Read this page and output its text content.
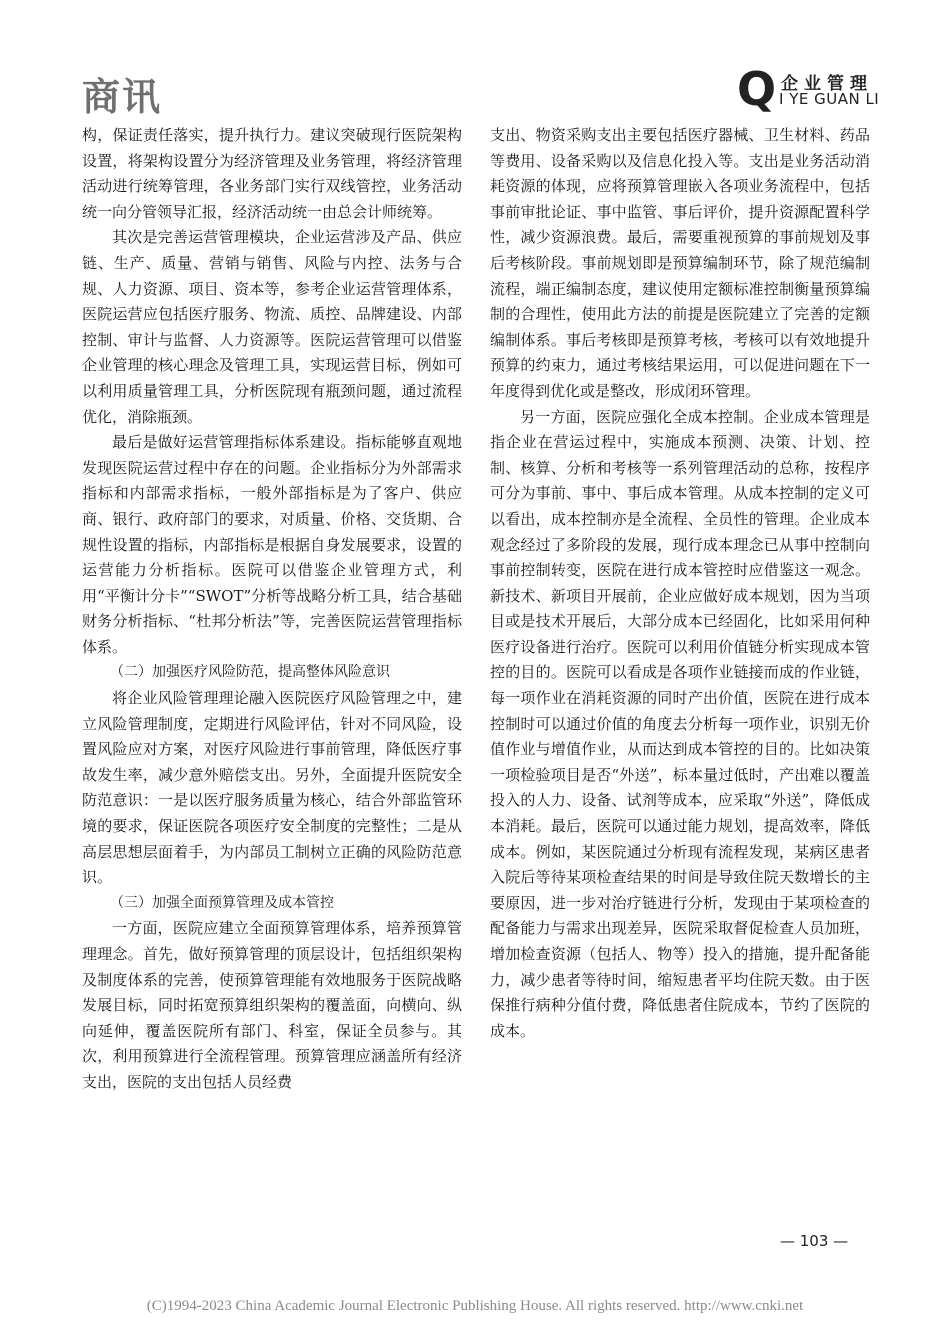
商讯	Q 企业管理
I YE GUAN LI

构，保证责任落实，提升执行力。建议突破现行医院架构设置，将架构设置分为经济管理及业务管理，将经济管理活动进行统筹管理，各业务部门实行双线管控，业务活动统一向分管领导汇报，经济活动统一由总会计师统筹。

其次是完善运营管理模块，企业运营涉及产品、供应链、生产、质量、营销与销售、风险与内控、法务与合规、人力资源、项目、资本等，参考企业运营管理体系，医院运营应包括医疗服务、物流、质控、品牌建设、内部控制、审计与监督、人力资源等。医院运营管理可以借鉴企业管理的核心理念及管理工具，实现运营目标，例如可以利用质量管理工具，分析医院现有瓶颈问题，通过流程优化，消除瓶颈。

最后是做好运营管理指标体系建设。指标能够直观地发现医院运营过程中存在的问题。企业指标分为外部需求指标和内部需求指标，一般外部指标是为了客户、供应商、银行、政府部门的要求，对质量、价格、交货期、合规性设置的指标，内部指标是根据自身发展要求，设置的运营能力分析指标。医院可以借鉴企业管理方式，利用“平衡计分卡”“SWOT”分析等战略分析工具，结合基础财务分析指标、“杜邦分析法”等，完善医院运营管理指标体系。

（二）加强医疗风险防范，提高整体风险意识

将企业风险管理理论融入医院医疗风险管理之中，建立风险管理制度，定期进行风险评估，针对不同风险，设置风险应对方案，对医疗风险进行事前管理，降低医疗事故发生率，减少意外赔偿支出。另外，全面提升医院安全防范意识：一是以医疗服务质量为核心，结合外部监管环境的要求，保证医院各项医疗安全制度的完整性；二是从高层思想层面着手，为内部员工制树立正确的风险防范意识。

（三）加强全面预算管理及成本管控

一方面，医院应建立全面预算管理体系，培养预算管理理念。首先，做好预算管理的顶层设计，包括组织架构及制度体系的完善，使预算管理能有效地服务于医院战略发展目标，同时拓宽预算组织架构的覆盖面，向横向、纵向延伸，覆盖医院所有部门、科室，保证全员参与。其次，利用预算进行全流程管理。预算管理应涵盖所有经济支出，医院的支出包括人员经费

支出、物资采购支出主要包括医疗器械、卫生材料、药品等费用、设备采购以及信息化投入等。支出是业务活动消耗资源的体现，应将预算管理嵌入各项业务流程中，包括事前审批论证、事中监管、事后评价，提升资源配置科学性，减少资源浪费。最后，需要重视预算的事前规划及事后考核阶段。事前规划即是预算编制环节，除了规范编制流程，端正编制态度，建议使用定额标准控制衡量预算编制的合理性，使用此方法的前提是医院建立了完善的定额编制体系。事后考核即是预算考核，考核可以有效地提升预算的约束力，通过考核结果运用，可以促进问题在下一年度得到优化或是整改，形成闭环管理。

另一方面，医院应强化全成本控制。企业成本管理是指企业在营运过程中，实施成本预测、决策、计划、控制、核算、分析和考核等一系列管理活动的总称，按程序可分为事前、事中、事后成本管理。从成本控制的定义可以看出，成本控制亦是全流程、全员性的管理。企业成本观念经过了多阶段的发展，现行成本理念已从事中控制向事前控制转变，医院在进行成本管控时应借鉴这一观念。新技术、新项目开展前，企业应做好成本规划，因为当项目或是技术开展后，大部分成本已经固化，比如采用何种医疗设备进行治疗。医院可以利用价值链分析实现成本管控的目的。医院可以看成是各项作业链接而成的作业链，每一项作业在消耗资源的同时产出价值，医院在进行成本控制时可以通过价值的角度去分析每一项作业，识别无价值作业与增值作业，从而达到成本管控的目的。比如决策一项检验项目是否“外送”，标本量过低时，产出难以覆盖投入的人力、设备、试剂等成本，应采取“外送”，降低成本消耗。最后，医院可以通过能力规划，提高效率，降低成本。例如，某医院通过分析现有流程发现，某病区患者入院后等待某项检查结果的时间是导致住院天数增长的主要原因，进一步对治疗链进行分析，发现由于某项检查的配备能力与需求出现差异，医院采取督促检查人员加班，增加检查资源（包括人、物等）投入的措施，提升配备能力，减少患者等待时间，缩短患者平均住院天数。由于医保推行病种分值付费，降低患者住院成本，节约了医院的成本。

— 103 —
(C)1994-2023 China Academic Journal Electronic Publishing House. All rights reserved. http://www.cnki.net
